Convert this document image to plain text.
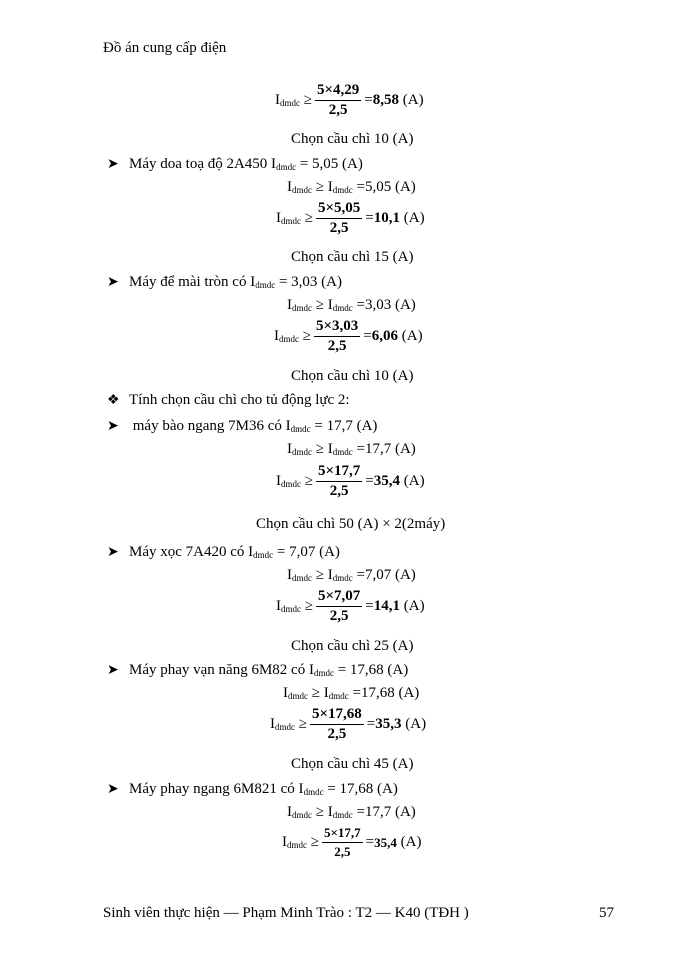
Đồ án cung cấp điện
$I_{dmdc} \ge \frac{5\times 4,29}{2,5} = 8,58$ (A)
Chọn cầu chì 10 (A)
➤ Máy doa toạ độ 2A450 $I_{dmdc} = 5,05$ (A)
$I_{dmdc} \ge I_{dmdc} =5,05$ (A)
$I_{dmdc} \ge \frac{5\times 5,05}{2,5} = 10,1$ (A)
Chọn cầu chì 15 (A)
➤ Máy để mài tròn có $I_{dmdc} = 3,03$ (A)
$I_{dmdc} \ge I_{dmdc} =3,03$ (A)
$I_{dmdc} \ge \frac{5\times 3,03}{2,5} = 6,06$ (A)
Chọn cầu chì 10 (A)
❖ Tính chọn cầu chì cho tủ động lực 2:
➤ máy bào ngang 7M36 có $I_{dmdc} = 17,7$ (A)
$I_{dmdc} \ge I_{dmdc} =17,7$ (A)
$I_{dmdc} \ge \frac{5\times 17,7}{2,5} = 35,4$ (A)
Chọn cầu chì 50 (A) × 2(2máy)
➤ Máy xọc 7A420 có $I_{dmdc} = 7,07$ (A)
$I_{dmdc} \ge I_{dmdc} =7,07$ (A)
$I_{dmdc} \ge \frac{5\times 7,07}{2,5} = 14,1$ (A)
Chọn cầu chì 25 (A)
➤ Máy phay vạn năng 6M82 có $I_{dmdc} = 17,68$ (A)
$I_{dmdc} \ge I_{dmdc} =17,68$ (A)
$I_{dmdc} \ge \frac{5\times 17,68}{2,5} = 35,3$ (A)
Chọn cầu chì 45 (A)
➤ Máy phay ngang 6M821 có $I_{dmdc} = 17,68$ (A)
$I_{dmdc} \ge I_{dmdc} =17,7$ (A)
$I_{dmdc} \ge \frac{5\times 17,7}{2,5} = 35,4$ (A)
Sinh viên thực hiện — Phạm Minh Trào : T2 — K40 (TĐH )	57
